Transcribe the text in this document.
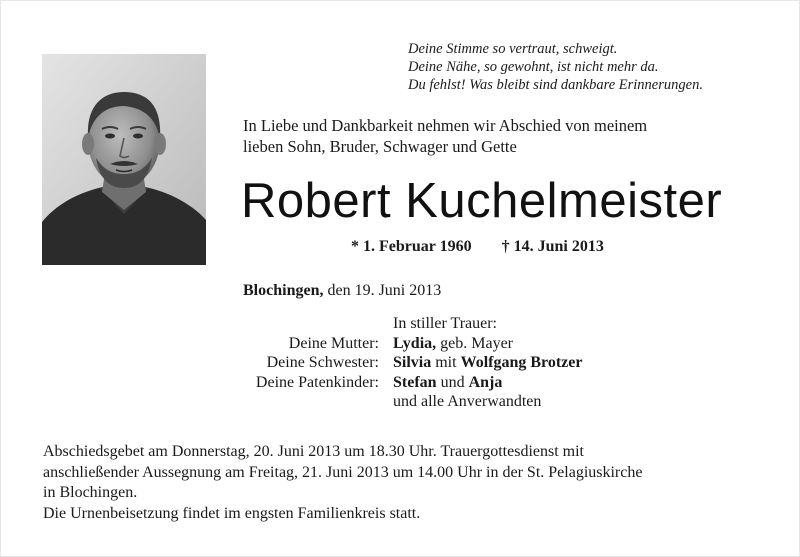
Deine Stimme so vertraut, schweigt.
Deine Nähe, so gewohnt, ist nicht mehr da.
Du fehlst! Was bleibt sind dankbare Erinnerungen.
In Liebe und Dankbarkeit nehmen wir Abschied von meinem
lieben Sohn, Bruder, Schwager und Gette
Robert Kuchelmeister
* 1. Februar 1960 † 14. Juni 2013
Blochingen, den 19. Juni 2013
In stiller Trauer:
Deine Mutter: Lydia, geb. Mayer
Deine Schwester: Silvia mit Wolfgang Brotzer
Deine Patenkinder: Stefan und Anja
und alle Anverwandten
Abschiedsgebet am Donnerstag, 20. Juni 2013 um 18.30 Uhr. Trauergottesdienst mit
anschließender Aussegnung am Freitag, 21. Juni 2013 um 14.00 Uhr in der St. Pelagiuskirche
in Blochingen.
Die Urnenbeisetzung findet im engsten Familienkreis statt.
